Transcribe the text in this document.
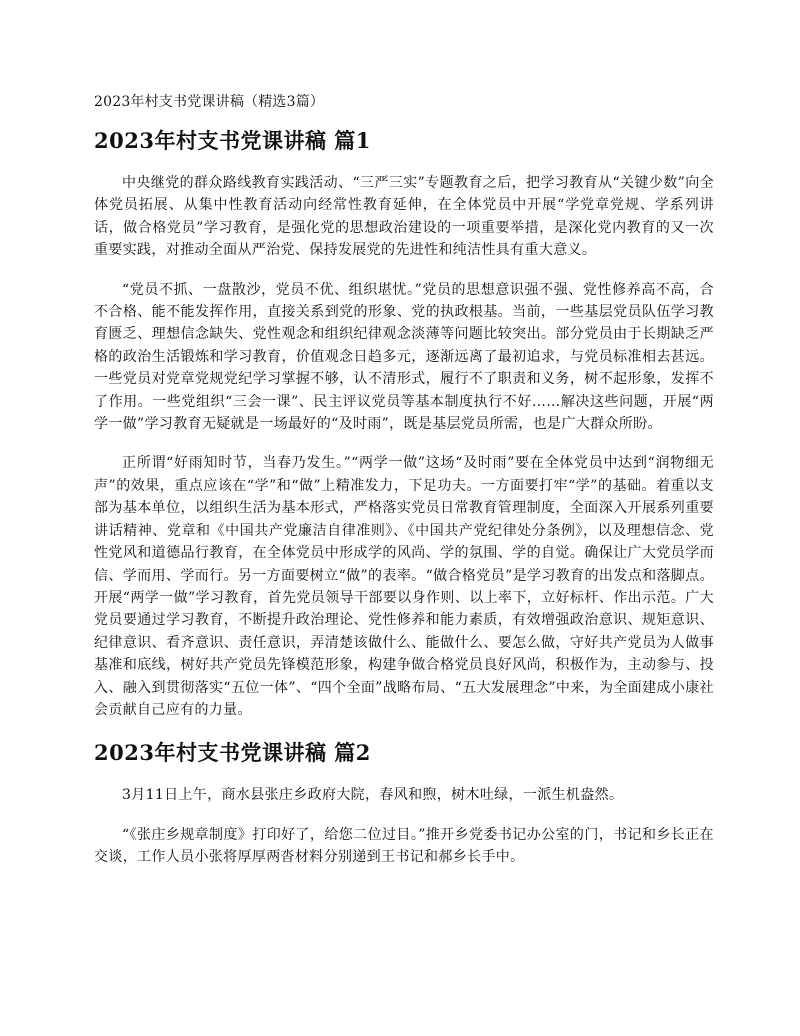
2023年村支书党课讲稿（精选3篇）
2023年村支书党课讲稿 篇1

中央继党的群众路线教育实践活动、“三严三实”专题教育之后，把学习教育从“关键少数”向全体党员拓展、从集中性教育活动向经常性教育延伸，在全体党员中开展“学党章党规、学系列讲话，做合格党员”学习教育，是强化党的思想政治建设的一项重要举措，是深化党内教育的又一次重要实践，对推动全面从严治党、保持发展党的先进性和纯洁性具有重大意义。

“党员不抓、一盘散沙，党员不优、组织堪忧。”党员的思想意识强不强、党性修养高不高，合不合格、能不能发挥作用，直接关系到党的形象、党的执政根基。当前，一些基层党员队伍学习教育匮乏、理想信念缺失、党性观念和组织纪律观念淡薄等问题比较突出。部分党员由于长期缺乏严格的政治生活锻炼和学习教育，价值观念日趋多元，逐渐远离了最初追求，与党员标准相去甚远。一些党员对党章党规党纪学习掌握不够，认不清形式，履行不了职责和义务，树不起形象，发挥不了作用。一些党组织“三会一课”、民主评议党员等基本制度执行不好……解决这些问题，开展“两学一做”学习教育无疑就是一场最好的“及时雨”，既是基层党员所需，也是广大群众所盼。

正所谓“好雨知时节，当春乃发生。”“两学一做”这场“及时雨”要在全体党员中达到“润物细无声”的效果，重点应该在“学”和“做”上精准发力，下足功夫。一方面要打牢“学”的基础。着重以支部为基本单位，以组织生活为基本形式，严格落实党员日常教育管理制度，全面深入开展系列重要讲话精神、党章和《中国共产党廉洁自律准则》、《中国共产党纪律处分条例》，以及理想信念、党性党风和道德品行教育，在全体党员中形成学的风尚、学的氛围、学的自觉。确保让广大党员学而信、学而用、学而行。另一方面要树立“做”的表率。“做合格党员”是学习教育的出发点和落脚点。开展“两学一做”学习教育，首先党员领导干部要以身作则、以上率下，立好标杆、作出示范。广大党员要通过学习教育，不断提升政治理论、党性修养和能力素质，有效增强政治意识、规矩意识、纪律意识、看齐意识、责任意识，弄清楚该做什么、能做什么、要怎么做，守好共产党员为人做事基准和底线，树好共产党员先锋模范形象，构建争做合格党员良好风尚，积极作为，主动参与、投入、融入到贯彻落实“五位一体”、“四个全面”战略布局、“五大发展理念”中来，为全面建成小康社会贡献自己应有的力量。

2023年村支书党课讲稿 篇2

3月11日上午，商水县张庄乡政府大院，春风和煦，树木吐绿，一派生机盎然。

“《张庄乡规章制度》打印好了，给您二位过目。”推开乡党委书记办公室的门，书记和乡长正在交谈，工作人员小张将厚厚两沓材料分别递到王书记和郝乡长手中。
